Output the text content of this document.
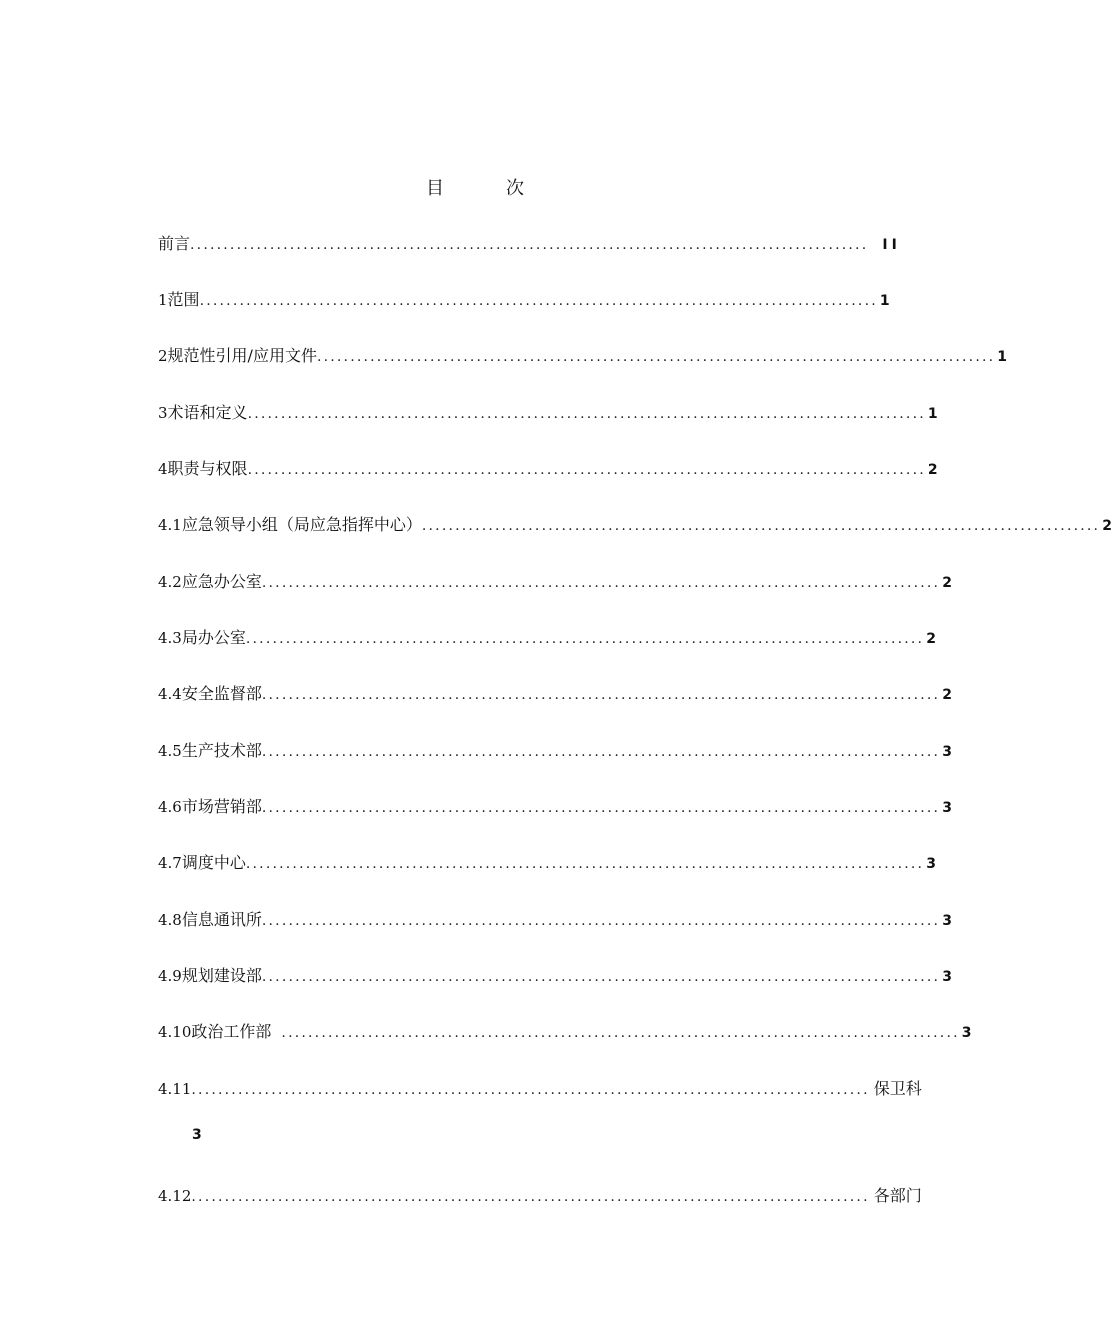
目　次
前 言 ......................................................................................................	II
1 范围 ...................................................................................................... 1
2 规范性引用/应用文件 ...................................................................................................... 1
3 术语和定义 ...................................................................................................... 1
4 职责与权限 ...................................................................................................... 2
4.1 应急领导小组（局应急指挥中心） ...................................................................................................... 2
4.2 应急办公室 ...................................................................................................... 2
4.3 局办公室 ...................................................................................................... 2
4.4 安全监督部 ...................................................................................................... 2
4.5 生产技术部 ...................................................................................................... 3
4.6 市场营销部 ...................................................................................................... 3
4.7 调度中心 ...................................................................................................... 3
4.8 信息通讯所 ...................................................................................................... 3
4.9 规划建设部 ...................................................................................................... 3
4.10 政治工作部 ...................................................................................................... 3
4.11 ...................................................................................................... 保卫科
3
4.12 ...................................................................................................... 各部门
